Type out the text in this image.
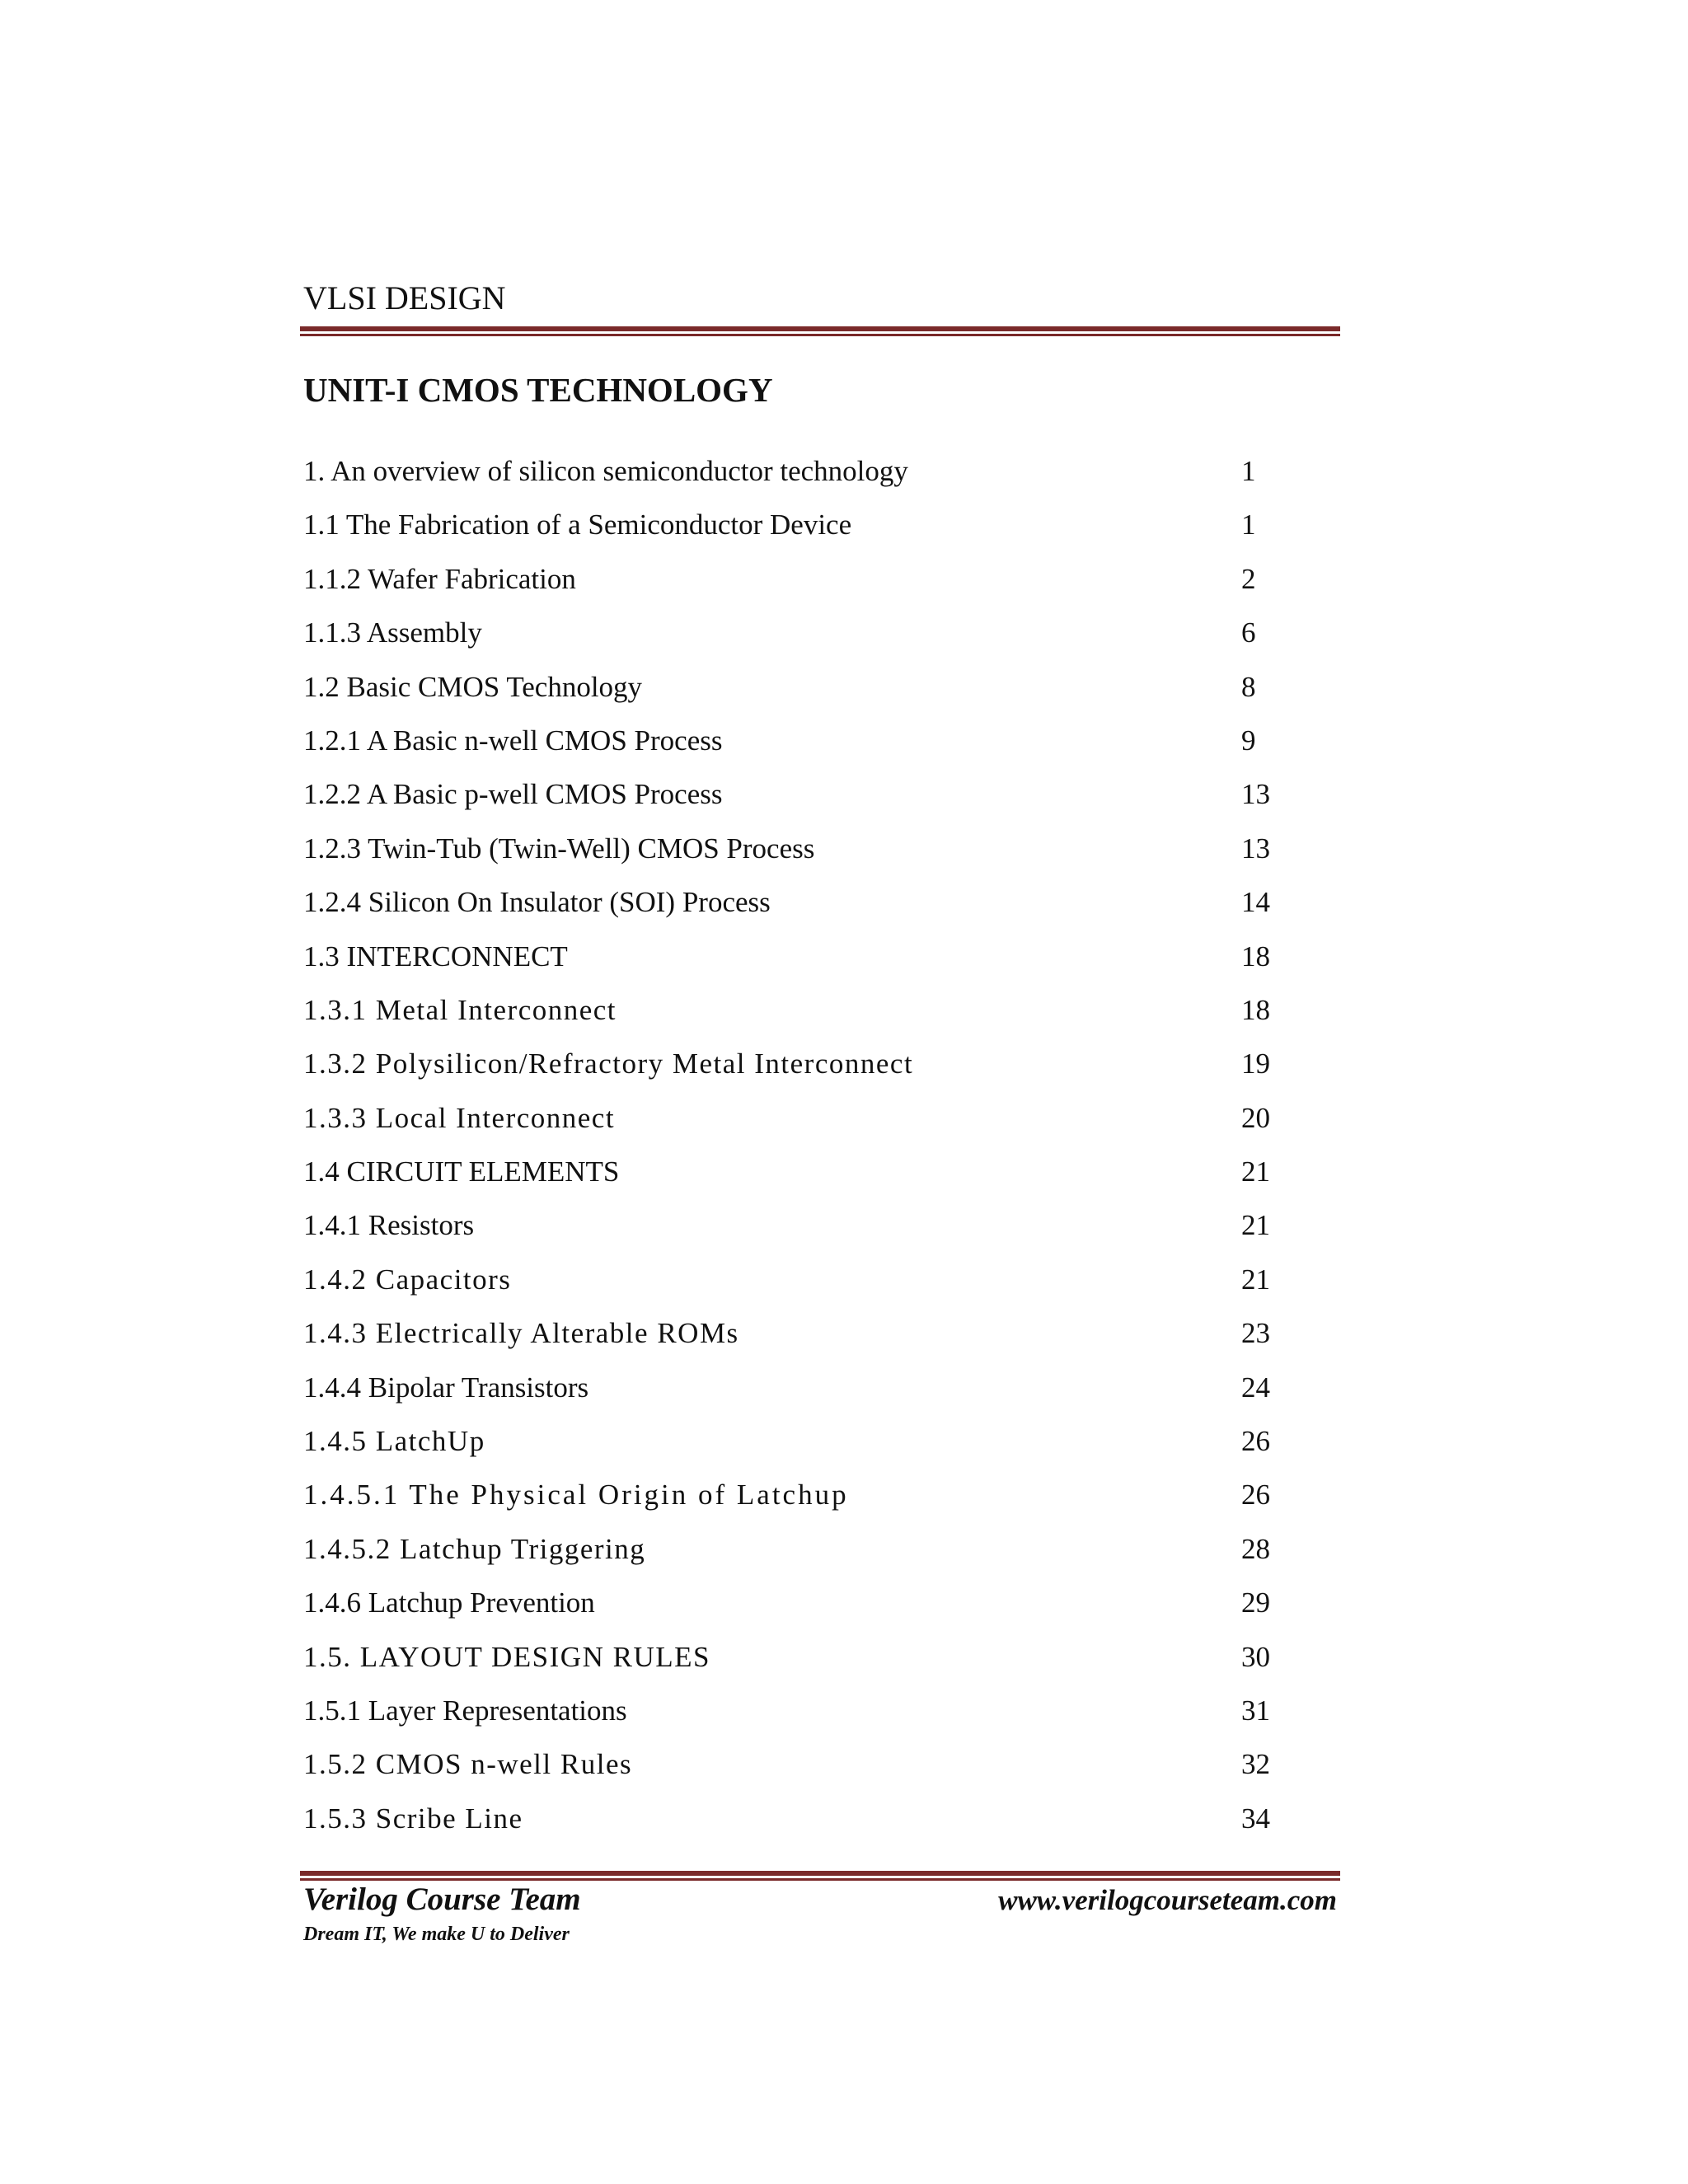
VLSI DESIGN
UNIT-I CMOS TECHNOLOGY
1. An overview of silicon semiconductor technology	1
1.1 The Fabrication of a Semiconductor Device	1
1.1.2 Wafer Fabrication	2
1.1.3 Assembly	6
1.2 Basic CMOS Technology	8
1.2.1 A Basic n-well CMOS Process	9
1.2.2 A Basic p-well CMOS Process	13
1.2.3 Twin-Tub (Twin-Well) CMOS Process	13
1.2.4 Silicon On Insulator (SOI) Process	14
1.3 INTERCONNECT	18
1.3.1 Metal Interconnect	18
1.3.2 Polysilicon/Refractory Metal Interconnect	19
1.3.3 Local Interconnect	20
1.4 CIRCUIT ELEMENTS	21
1.4.1 Resistors	21
1.4.2 Capacitors	21
1.4.3 Electrically Alterable ROMs	23
1.4.4 Bipolar Transistors	24
1.4.5 LatchUp	26
1.4.5.1 The Physical Origin of Latchup	26
1.4.5.2 Latchup Triggering	28
1.4.6 Latchup Prevention	29
1.5. LAYOUT DESIGN RULES	30
1.5.1 Layer Representations	31
1.5.2 CMOS n-well Rules	32
1.5.3 Scribe Line	34
Verilog Course Team
Dream IT, We make U to Deliver
www.verilogcourseteam.com
